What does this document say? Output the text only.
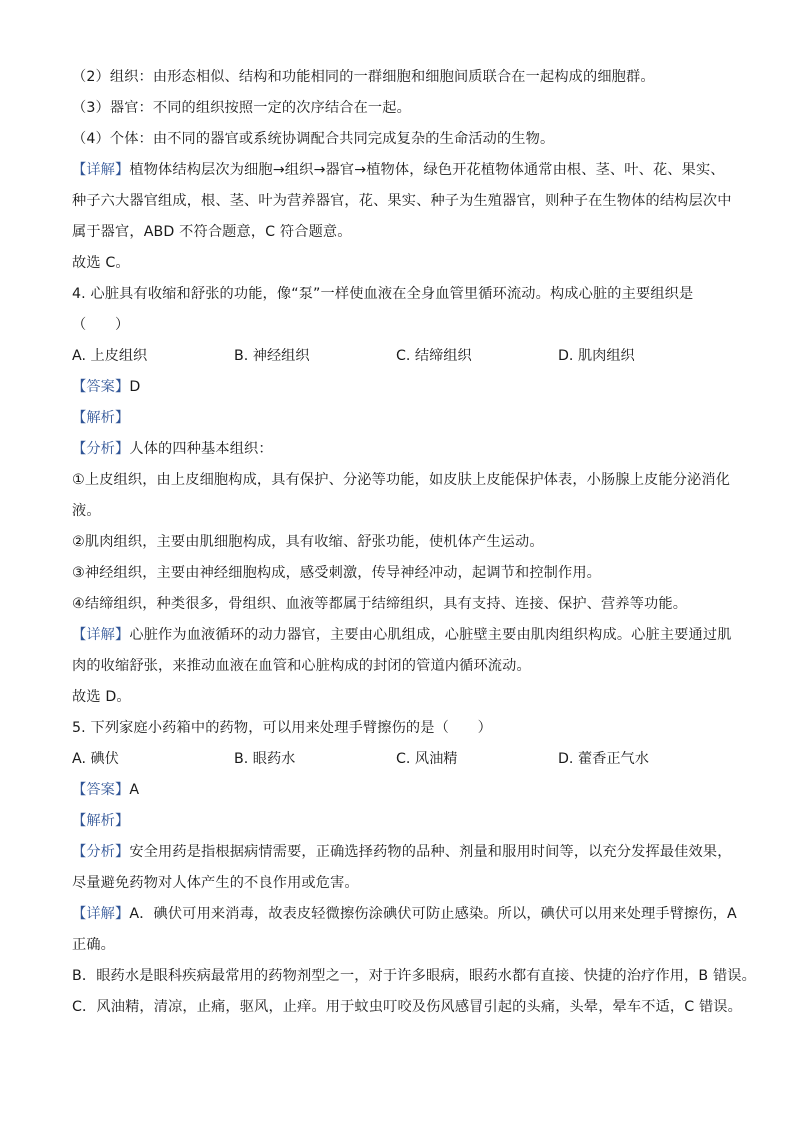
（2）组织：由形态相似、结构和功能相同的一群细胞和细胞间质联合在一起构成的细胞群。
（3）器官：不同的组织按照一定的次序结合在一起。
（4）个体：由不同的器官或系统协调配合共同完成复杂的生命活动的生物。
【详解】植物体结构层次为细胞→组织→器官→植物体，绿色开花植物体通常由根、茎、叶、花、果实、
种子六大器官组成，根、茎、叶为营养器官，花、果实、种子为生殖器官，则种子在生物体的结构层次中
属于器官，ABD 不符合题意，C 符合题意。
故选 C。
4. 心脏具有收缩和舒张的功能，像“泵”一样使血液在全身血管里循环流动。构成心脏的主要组织是
（　　）
A. 上皮组织	B. 神经组织	C. 结缔组织	D. 肌肉组织
【答案】D
【解析】
【分析】人体的四种基本组织：
①上皮组织，由上皮细胞构成，具有保护、分泌等功能，如皮肤上皮能保护体表，小肠腺上皮能分泌消化
液。
②肌肉组织，主要由肌细胞构成，具有收缩、舒张功能，使机体产生运动。
③神经组织，主要由神经细胞构成，感受刺激，传导神经冲动，起调节和控制作用。
④结缔组织，种类很多，骨组织、血液等都属于结缔组织，具有支持、连接、保护、营养等功能。
【详解】心脏作为血液循环的动力器官，主要由心肌组成，心脏壁主要由肌肉组织构成。心脏主要通过肌
肉的收缩舒张，来推动血液在血管和心脏构成的封闭的管道内循环流动。
故选 D。
5. 下列家庭小药箱中的药物，可以用来处理手臂擦伤的是（　　）
A. 碘伏	B. 眼药水	C. 风油精	D. 藿香正气水
【答案】A
【解析】
【分析】安全用药是指根据病情需要，正确选择药物的品种、剂量和服用时间等，以充分发挥最佳效果，
尽量避免药物对人体产生的不良作用或危害。
【详解】A．碘伏可用来消毒，故表皮轻微擦伤涂碘伏可防止感染。所以，碘伏可以用来处理手臂擦伤，A
正确。
B．眼药水是眼科疾病最常用的药物剂型之一，对于许多眼病，眼药水都有直接、快捷的治疗作用，B 错误。
C．风油精，清凉，止痛，驱风，止痒。用于蚊虫叮咬及伤风感冒引起的头痛，头晕，晕车不适，C 错误。
